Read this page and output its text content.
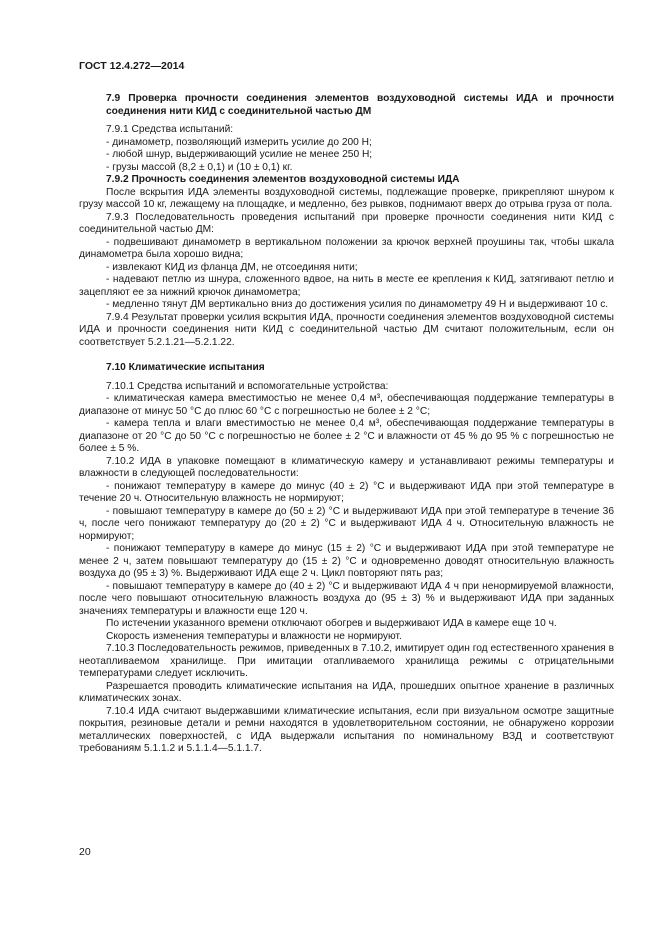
ГОСТ 12.4.272—2014

7.9 Проверка прочности соединения элементов воздуховодной системы ИДА и прочности соединения нити КИД с соединительной частью ДМ

7.9.1 Средства испытаний:

- динамометр, позволяющий измерить усилие до 200 Н;

- любой шнур, выдерживающий усилие не менее 250 Н;

- грузы массой (8,2 ± 0,1) и (10 ± 0,1) кг.

7.9.2 Прочность соединения элементов воздуховодной системы ИДА

После вскрытия ИДА элементы воздуховодной системы, подлежащие проверке, прикрепляют шнуром к грузу массой 10 кг, лежащему на площадке, и медленно, без рывков, поднимают вверх до отрыва груза от пола.

7.9.3 Последовательность проведения испытаний при проверке прочности соединения нити КИД с соединительной частью ДМ:

- подвешивают динамометр в вертикальном положении за крючок верхней проушины так, чтобы шкала динамометра была хорошо видна;

- извлекают КИД из фланца ДМ, не отсоединяя нити;

- надевают петлю из шнура, сложенного вдвое, на нить в месте ее крепления к КИД, затягивают петлю и зацепляют ее за нижний крючок динамометра;

- медленно тянут ДМ вертикально вниз до достижения усилия по динамометру 49 Н и выдерживают 10 с.

7.9.4 Результат проверки усилия вскрытия ИДА, прочности соединения элементов воздуховодной системы ИДА и прочности соединения нити КИД с соединительной частью ДМ считают положительным, если он соответствует 5.2.1.21—5.2.1.22.

7.10 Климатические испытания

7.10.1 Средства испытаний и вспомогательные устройства:

- климатическая камера вместимостью не менее 0,4 м³, обеспечивающая поддержание температуры в диапазоне от минус 50 °С до плюс 60 °С с погрешностью не более ± 2 °С;

- камера тепла и влаги вместимостью не менее 0,4 м³, обеспечивающая поддержание температуры в диапазоне от 20 °С до 50 °С с погрешностью не более ± 2 °С и влажности от 45 % до 95 % с погрешностью не более ± 5 %.

7.10.2 ИДА в упаковке помещают в климатическую камеру и устанавливают режимы температуры и влажности в следующей последовательности:

- понижают температуру в камере до минус (40 ± 2) °С и выдерживают ИДА при этой температуре в течение 20 ч. Относительную влажность не нормируют;

- повышают температуру в камере до (50 ± 2) °С и выдерживают ИДА при этой температуре в течение 36 ч, после чего понижают температуру до (20 ± 2) °С и выдерживают ИДА 4 ч. Относительную влажность не нормируют;

- понижают температуру в камере до минус (15 ± 2) °С и выдерживают ИДА при этой температуре не менее 2 ч, затем повышают температуру до (15 ± 2) °С и одновременно доводят относительную влажность воздуха до (95 ± 3) %. Выдерживают ИДА еще 2 ч. Цикл повторяют пять раз;

- повышают температуру в камере до (40 ± 2) °С и выдерживают ИДА 4 ч при ненормируемой влажности, после чего повышают относительную влажность воздуха до (95 ± 3) % и выдерживают ИДА при заданных значениях температуры и влажности еще 120 ч.

По истечении указанного времени отключают обогрев и выдерживают ИДА в камере еще 10 ч.

Скорость изменения температуры и влажности не нормируют.

7.10.3 Последовательность режимов, приведенных в 7.10.2, имитирует один год естественного хранения в неотапливаемом хранилище. При имитации отапливаемого хранилища режимы с отрицательными температурами следует исключить.

Разрешается проводить климатические испытания на ИДА, прошедших опытное хранение в различных климатических зонах.

7.10.4 ИДА считают выдержавшими климатические испытания, если при визуальном осмотре защитные покрытия, резиновые детали и ремни находятся в удовлетворительном состоянии, не обнаружено коррозии металлических поверхностей, с ИДА выдержали испытания по номинальному ВЗД и соответствуют требованиям 5.1.1.2 и 5.1.1.4—5.1.1.7.

20
